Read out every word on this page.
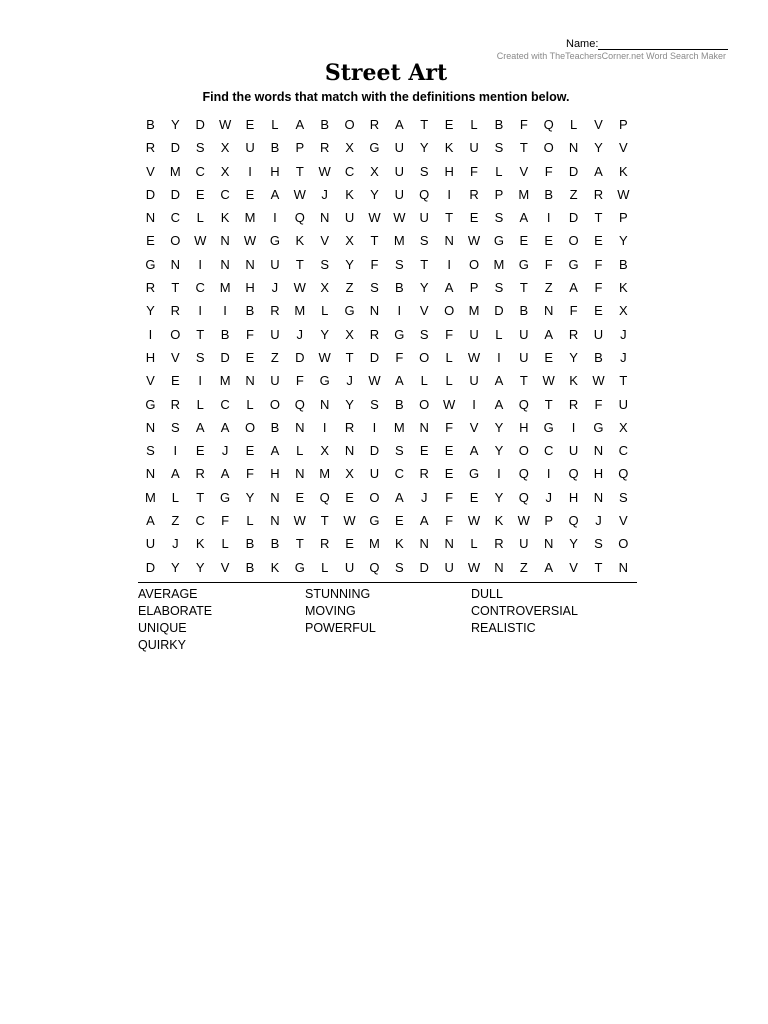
Name:
Created with TheTeachersCorner.net Word Search Maker
Street Art
Find the words that match with the definitions mention below.
B	Y	D	W	E	L	A	B	O	R	A	T	E	L	B	F	Q	L	V	P
R	D	S	X	U	B	P	R	X	G	U	Y	K	U	S	T	O	N	Y	V
V	M	C	X	I	H	T	W	C	X	U	S	H	F	L	V	F	D	A	K
D	D	E	C	E	A	W	J	K	Y	U	Q	I	R	P	M	B	Z	R	W
N	C	L	K	M	I	Q	N	U	W W	U	T	E	S	A	I	D	T	P
E	O	W	N	W	G	K	V	X	T	M	S	N	W	G	E	E	O	E	Y
G	N	I	N	N	U	T	S	Y	F	S	T	I	O	M	G	F	G	F	B
R	T	C	M	H	J	W	X	Z	S	B	Y	A	P	S	T	Z	A	F	K
Y	R	I	I	B	R	M	L	G	N	I	V	O	M	D	B	N	F	E	X
I	O	T	B	F	U	J	Y	X	R	G	S	F	U	L	U	A	R	U	J
H	V	S	D	E	Z	D	W	T	D	F	O	L	W	I	U	E	Y	B	J
V	E	I	M	N	U	F	G	J	W	A	L	L	U	A	T	W	K	W	T
G	R	L	C	L	O	Q	N	Y	S	B	O	W	I	A	Q	T	R	F	U
N	S	A	A	O	B	N	I	R	I	M	N	F	V	Y	H	G	I	G	X
S	I	E	J	E	A	L	X	N	D	S	E	E	A	Y	O	C	U	N	C
N	A	R	A	F	H	N	M	X	U	C	R	E	G	I	Q	I	Q	H	Q
M	L	T	G	Y	N	E	Q	E	O	A	J	F	E	Y	Q	J	H	N	S
A	Z	C	F	L	N	W	T	W	G	E	A	F	W	K	W	P	Q	J	V
U	J	K	L	B	B	T	R	E	M	K	N	N	L	R	U	N	Y	S	O
D	Y	Y	V	B	K	G	L	U	Q	S	D	U	W	N	Z	A	V	T	N
AVERAGE
ELABORATE
UNIQUE
QUIRKY
STUNNING
MOVING
POWERFUL
DULL
CONTROVERSIAL
REALISTIC
